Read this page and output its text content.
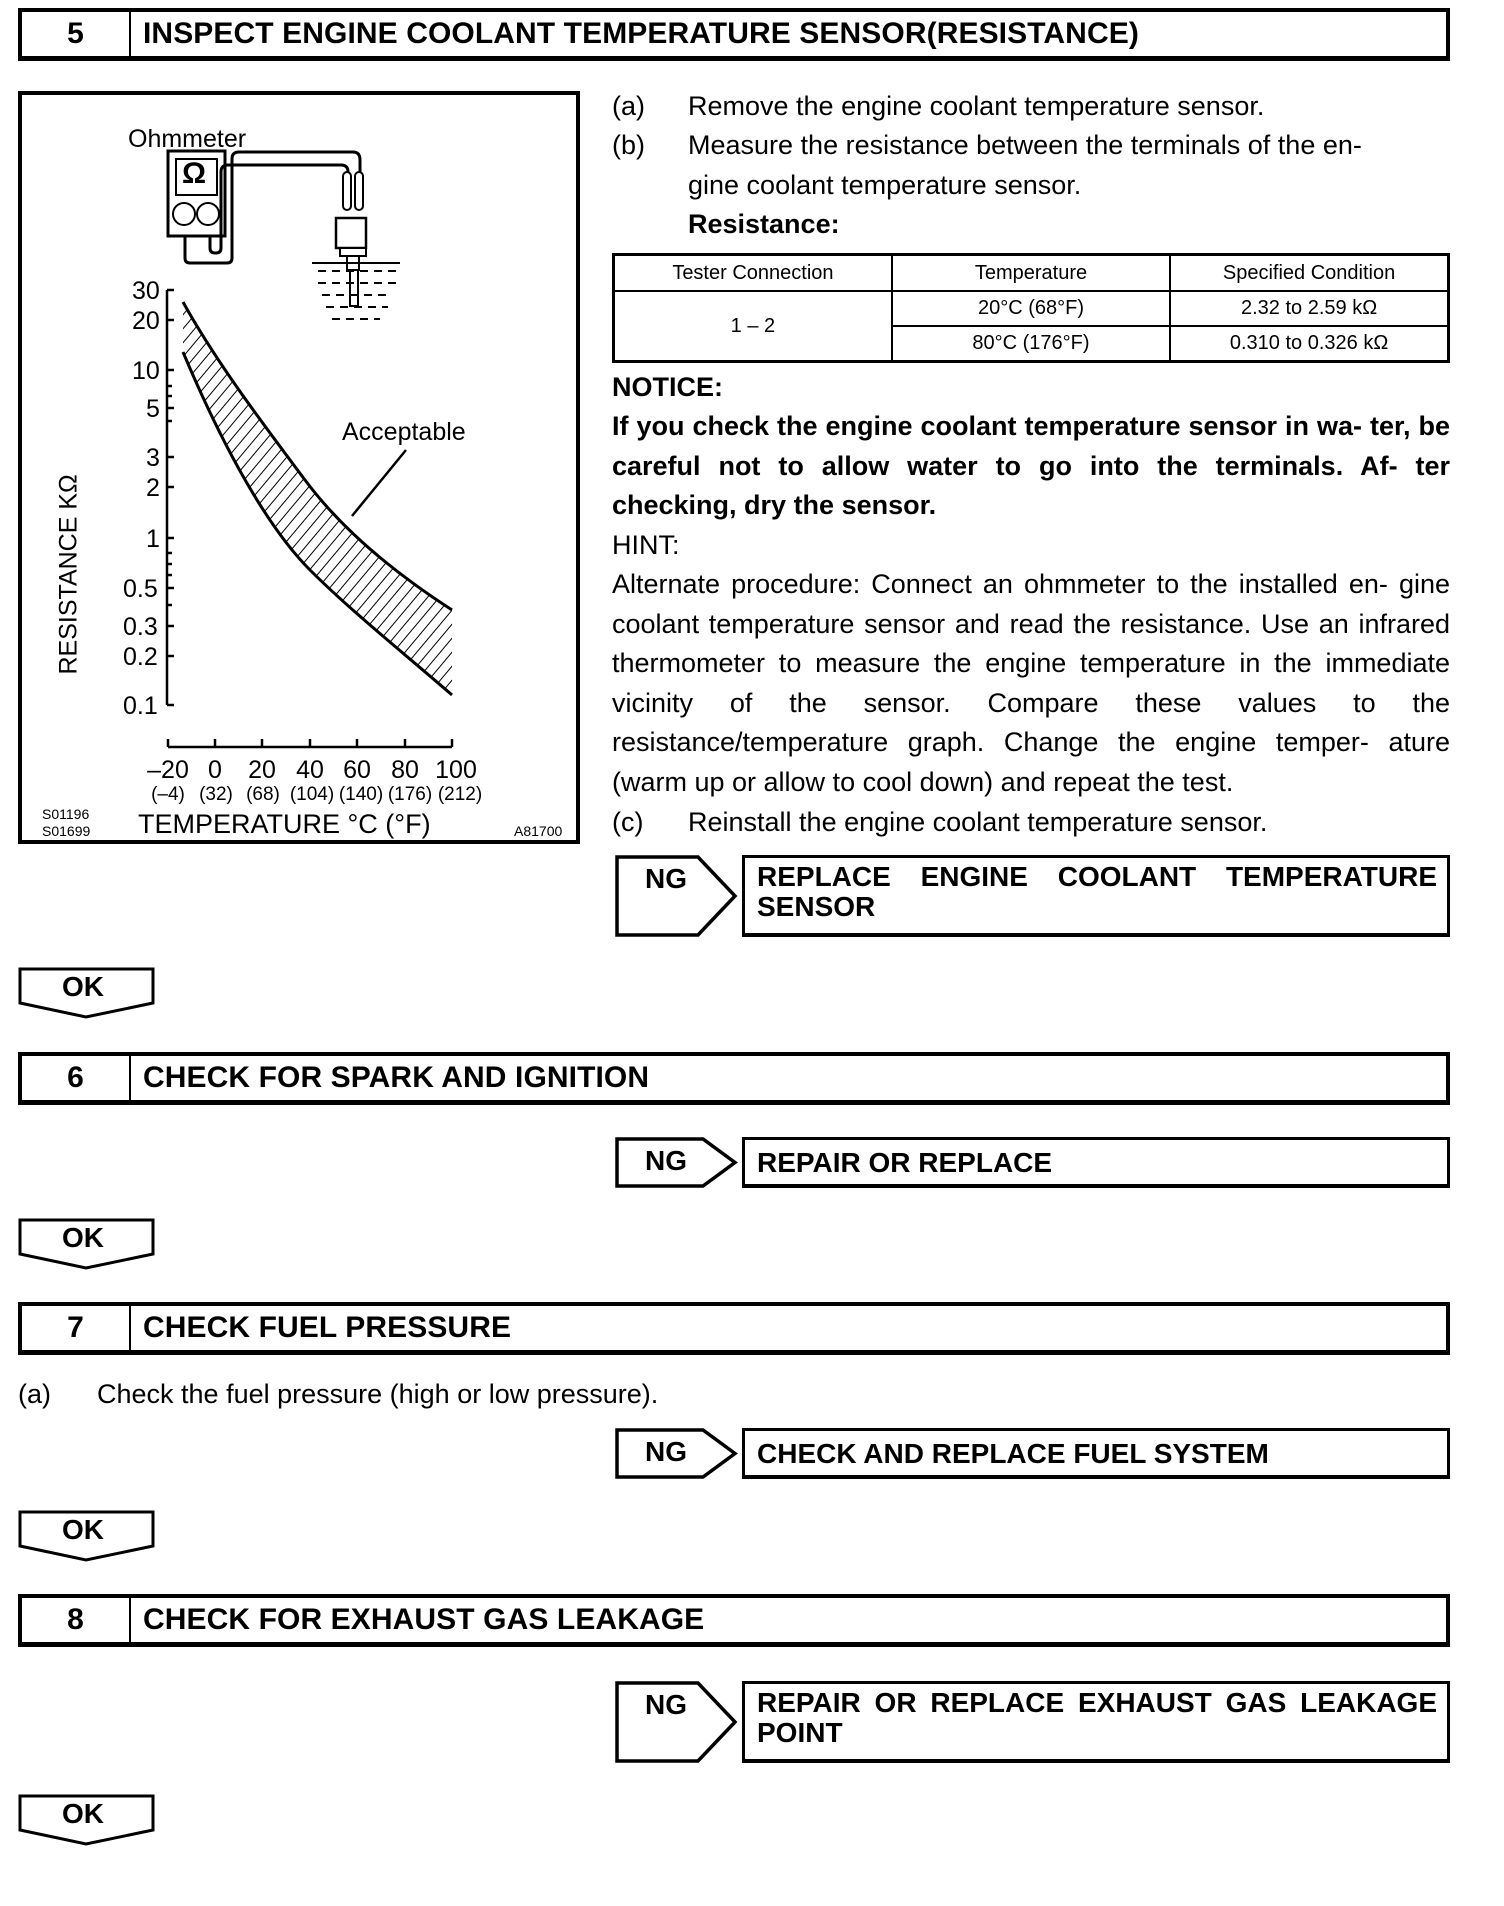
5	INSPECT ENGINE COOLANT TEMPERATURE SENSOR(RESISTANCE)
Ohmmeter
Ω
Acceptable
30
20
10
5
3
2
1
0.5
0.3
0.2
0.1
RESISTANCE KΩ
–20 0	20 40 60 80 100
(–4) (32) (68) (104) (140) (176) (212)
S01196
S01699 TEMPERATURE °C (°F)	A81700
(a) Remove the engine coolant temperature sensor.
(b) Measure the resistance between the terminals of the en-
gine coolant temperature sensor.
Resistance:
Tester Connection	Temperature	Specified Condition
1 – 2	20°C (68°F)	2.32 to 2.59 kΩ
	80°C (176°F)	0.310 to 0.326 kΩ
NOTICE:
If you check the engine coolant temperature sensor in wa- ter, be careful not to allow water to go into the terminals. Af- ter checking, dry the sensor.
HINT:
Alternate procedure: Connect an ohmmeter to the installed en- gine coolant temperature sensor and read the resistance. Use an infrared thermometer to measure the engine temperature in the immediate vicinity of the sensor. Compare these values to the resistance/temperature graph. Change the engine temper- ature (warm up or allow to cool down) and repeat the test.
(c) Reinstall the engine coolant temperature sensor.
NG	REPLACE ENGINE COOLANT TEMPERATURE SENSOR
OK
6	CHECK FOR SPARK AND IGNITION
NG	REPAIR OR REPLACE
OK
7	CHECK FUEL PRESSURE
(a) Check the fuel pressure (high or low pressure).
NG	CHECK AND REPLACE FUEL SYSTEM
OK
8	CHECK FOR EXHAUST GAS LEAKAGE
NG	REPAIR OR REPLACE EXHAUST GAS LEAKAGE POINT
OK
